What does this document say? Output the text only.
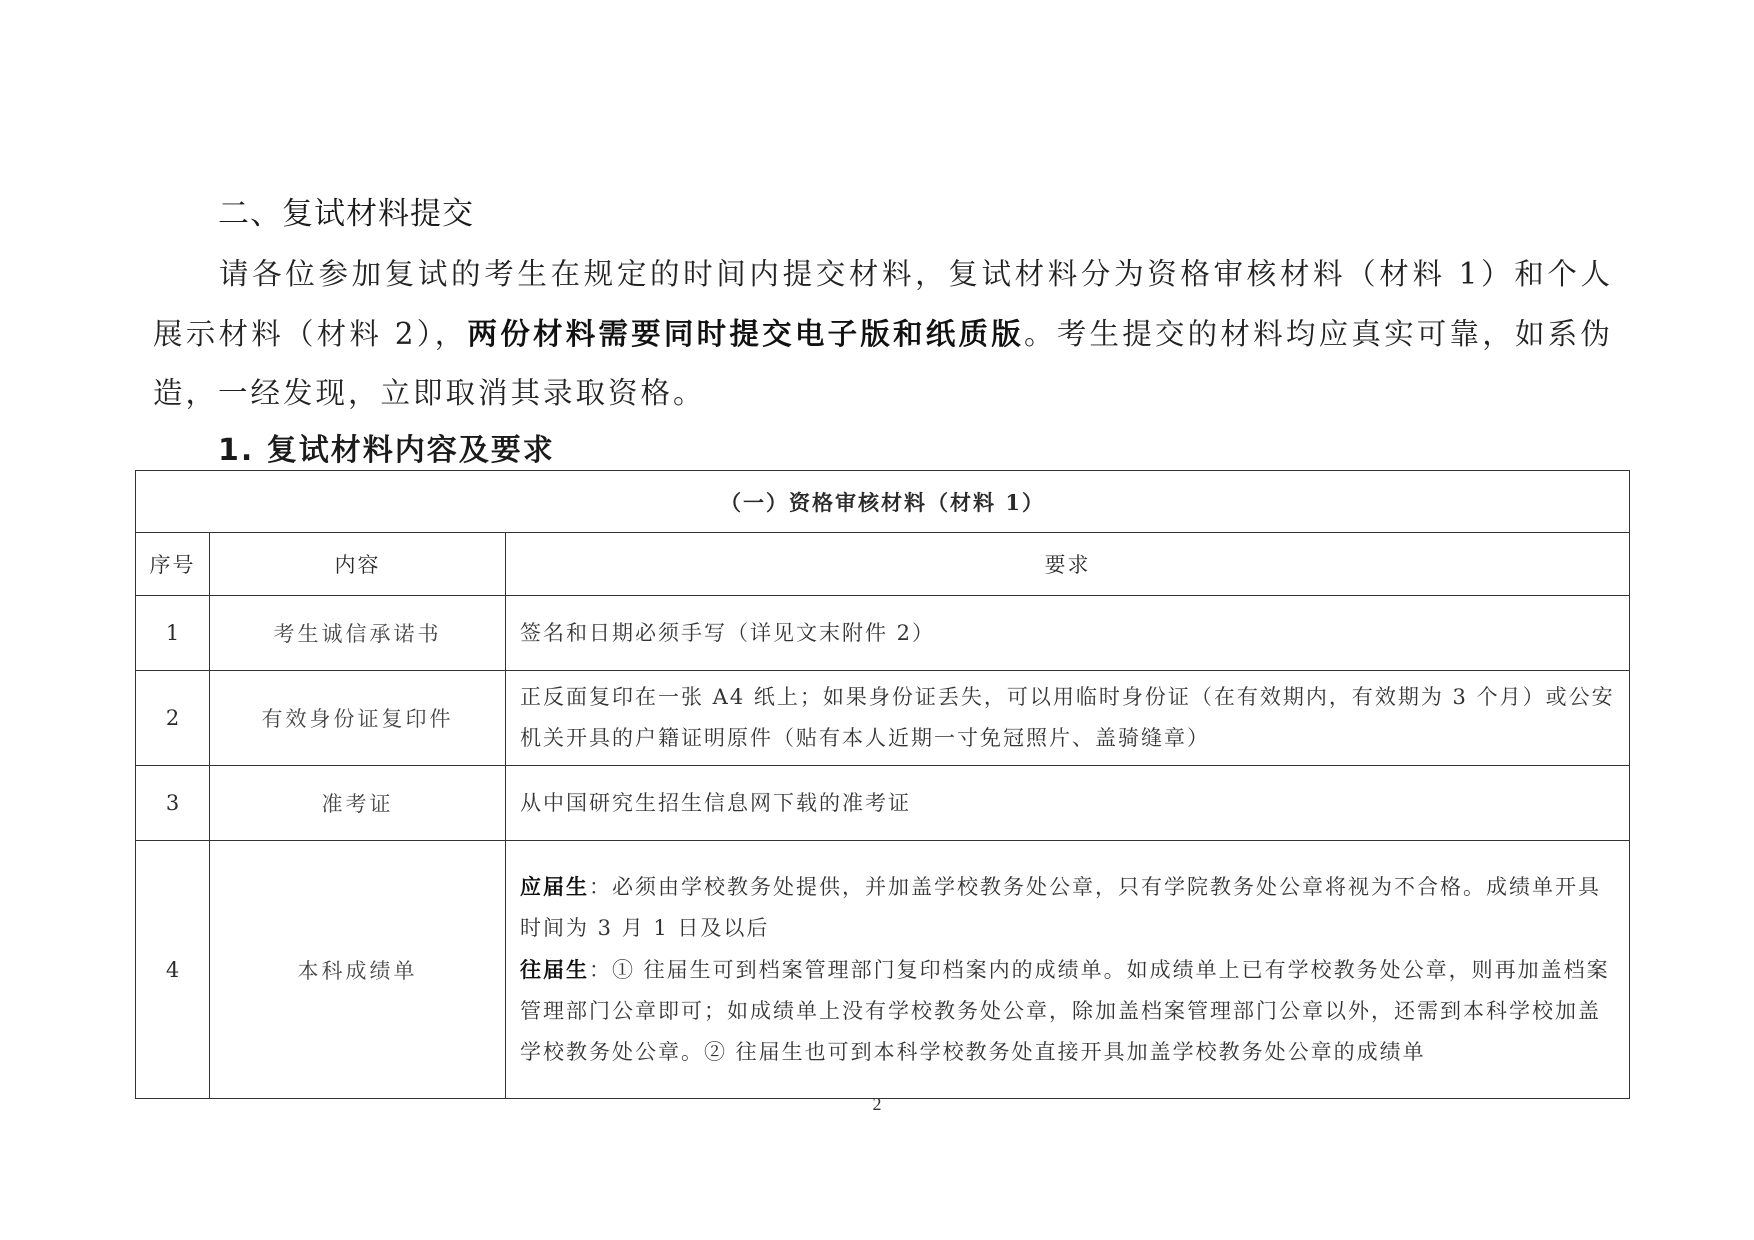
二、复试材料提交
请各位参加复试的考生在规定的时间内提交材料，复试材料分为资格审核材料（材料 1）和个人展示材料（材料 2），两份材料需要同时提交电子版和纸质版。考生提交的材料均应真实可靠，如系伪造，一经发现，立即取消其录取资格。
1. 复试材料内容及要求
（一）资格审核材料（材料 1）		
序号	内容	要求
1	考生诚信承诺书	签名和日期必须手写（详见文末附件 2）
2	有效身份证复印件	正反面复印在一张 A4 纸上；如果身份证丢失，可以用临时身份证（在有效期内，有效期为 3 个月）或公安机关开具的户籍证明原件（贴有本人近期一寸免冠照片、盖骑缝章）
3	准考证	从中国研究生招生信息网下载的准考证
4	本科成绩单	应届生：必须由学校教务处提供，并加盖学校教务处公章，只有学院教务处公章将视为不合格。成绩单开具时间为 3 月 1 日及以后
往届生：① 往届生可到档案管理部门复印档案内的成绩单。如成绩单上已有学校教务处公章，则再加盖档案管理部门公章即可；如成绩单上没有学校教务处公章，除加盖档案管理部门公章以外，还需到本科学校加盖学校教务处公章。② 往届生也可到本科学校教务处直接开具加盖学校教务处公章的成绩单
2
